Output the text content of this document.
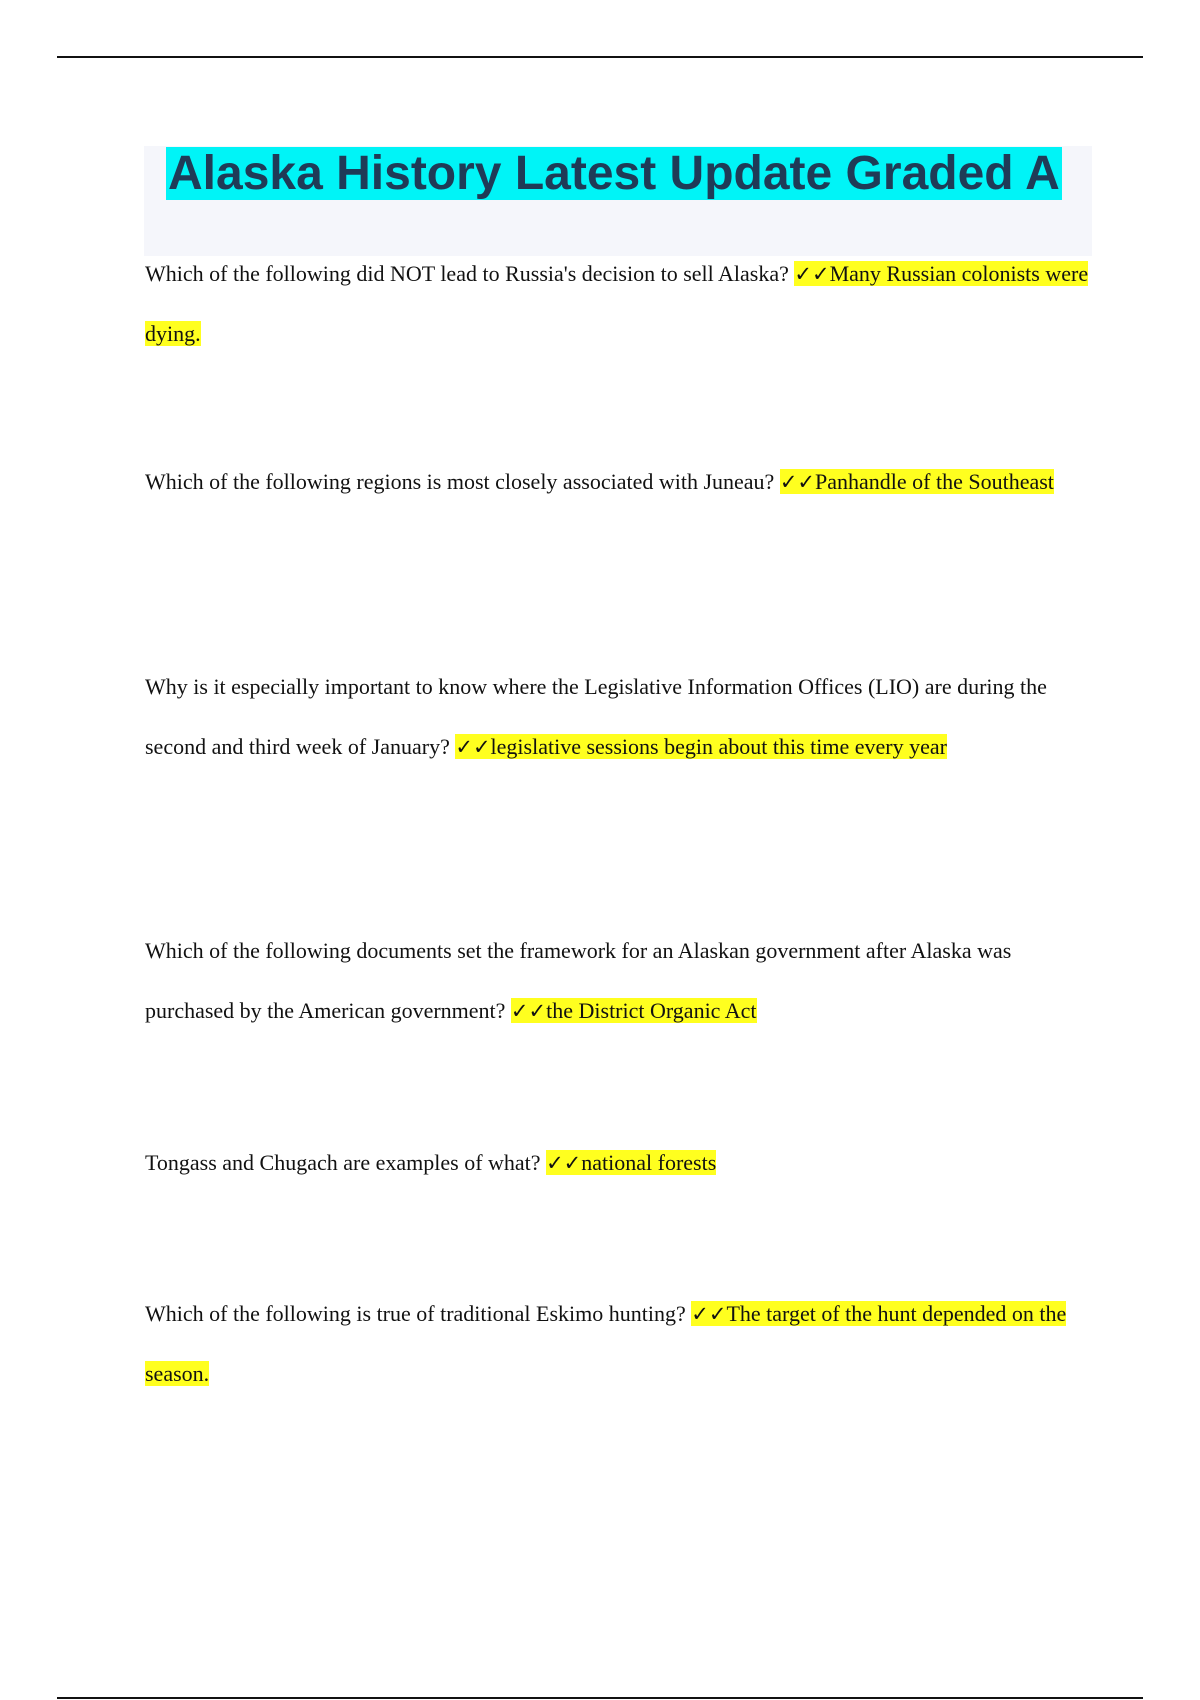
Alaska History Latest Update Graded A

Which of the following did NOT lead to Russia's decision to sell Alaska? ✓✓Many Russian colonists were dying.

Which of the following regions is most closely associated with Juneau? ✓✓Panhandle of the Southeast

Why is it especially important to know where the Legislative Information Offices (LIO) are during the second and third week of January? ✓✓legislative sessions begin about this time every year

Which of the following documents set the framework for an Alaskan government after Alaska was purchased by the American government? ✓✓the District Organic Act

Tongass and Chugach are examples of what? ✓✓national forests

Which of the following is true of traditional Eskimo hunting? ✓✓The target of the hunt depended on the season.
